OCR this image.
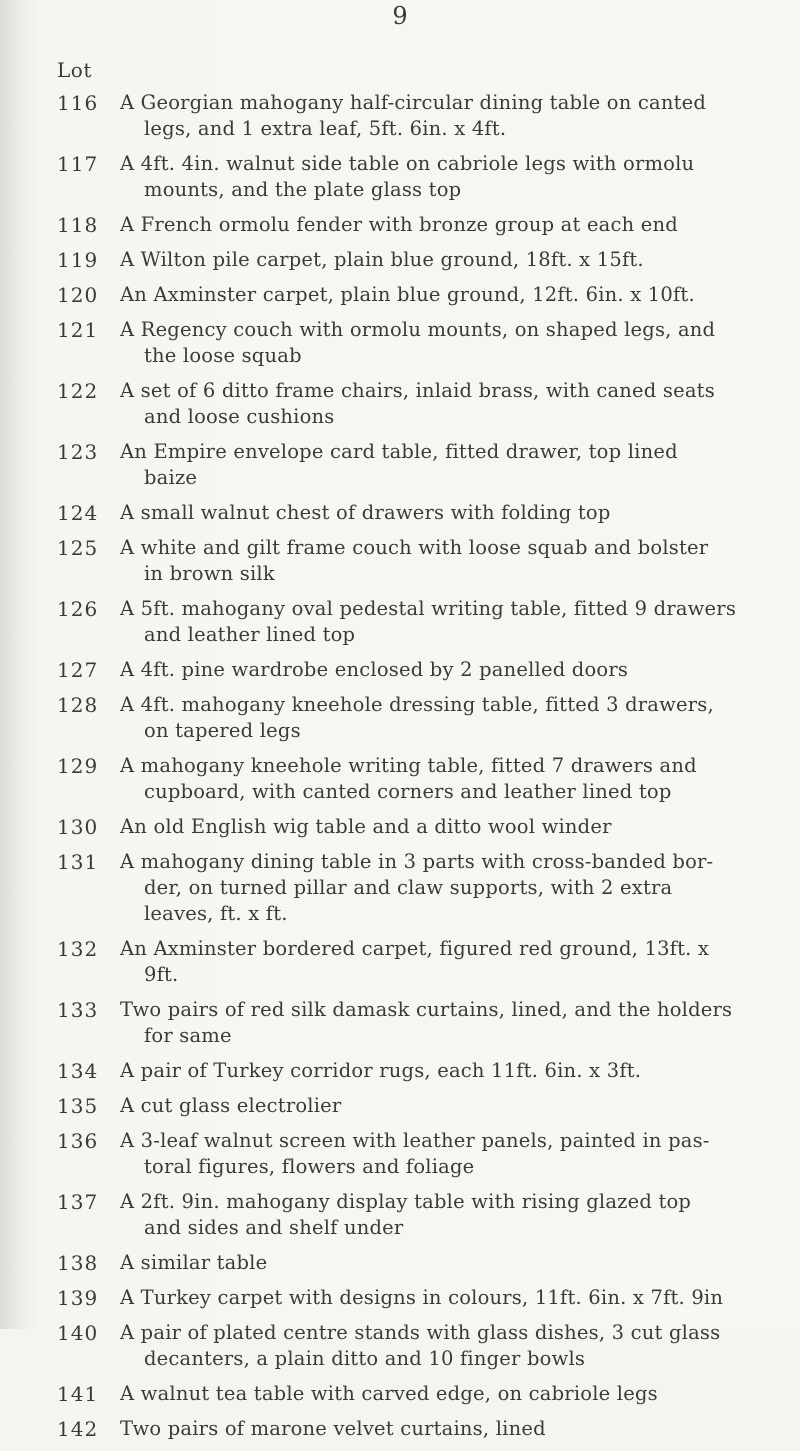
9
Lot
116	A Georgian mahogany half-circular dining table on canted
legs, and 1 extra leaf, 5ft. 6in. x 4ft.
117	A 4ft. 4in. walnut side table on cabriole legs with ormolu
mounts, and the plate glass top
118	A French ormolu fender with bronze group at each end
119	A Wilton pile carpet, plain blue ground, 18ft. x 15ft.
120	An Axminster carpet, plain blue ground, 12ft. 6in. x 10ft.
121	A Regency couch with ormolu mounts, on shaped legs, and
the loose squab
122	A set of 6 ditto frame chairs, inlaid brass, with caned seats
and loose cushions
123	An Empire envelope card table, fitted drawer, top lined
baize
124	A small walnut chest of drawers with folding top
125	A white and gilt frame couch with loose squab and bolster
in brown silk
126	A 5ft. mahogany oval pedestal writing table, fitted 9 drawers
and leather lined top
127	A 4ft. pine wardrobe enclosed by 2 panelled doors
128	A 4ft. mahogany kneehole dressing table, fitted 3 drawers,
on tapered legs
129	A mahogany kneehole writing table, fitted 7 drawers and
cupboard, with canted corners and leather lined top
130	An old English wig table and a ditto wool winder
131	A mahogany dining table in 3 parts with cross-banded bor-
der, on turned pillar and claw supports, with 2 extra
leaves, ft. x ft.
132	An Axminster bordered carpet, figured red ground, 13ft. x
9ft.
133	Two pairs of red silk damask curtains, lined, and the holders
for same
134	A pair of Turkey corridor rugs, each 11ft. 6in. x 3ft.
135	A cut glass electrolier
136	A 3-leaf walnut screen with leather panels, painted in pas-
toral figures, flowers and foliage
137	A 2ft. 9in. mahogany display table with rising glazed top
and sides and shelf under
138	A similar table
139	A Turkey carpet with designs in colours, 11ft. 6in. x 7ft. 9in
140	A pair of plated centre stands with glass dishes, 3 cut glass
decanters, a plain ditto and 10 finger bowls
141	A walnut tea table with carved edge, on cabriole legs
142	Two pairs of marone velvet curtains, lined
